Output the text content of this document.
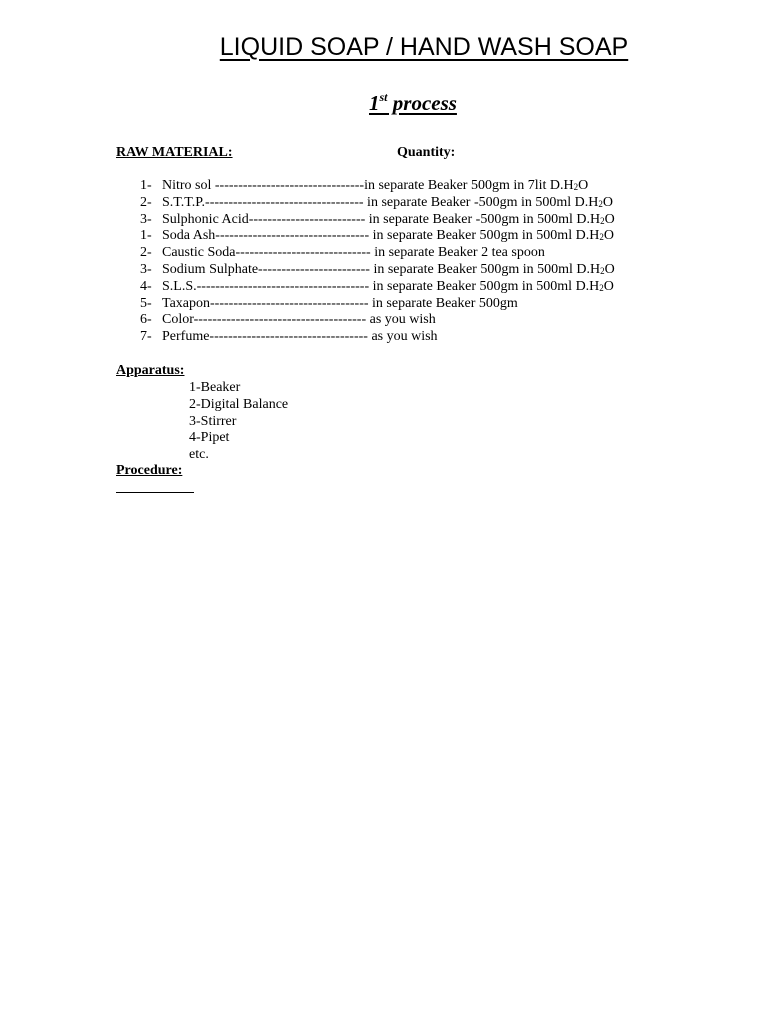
LIQUID SOAP / HAND WASH SOAP
1st process
RAW MATERIAL:	Quantity:
1- Nitro sol --------------------------------in separate Beaker 500gm in 7lit $D.H_2O$
2- S.T.T.P.---------------------------------- in separate Beaker -500gm in 500ml $D.H_2O$
3- Sulphonic Acid------------------------- in separate Beaker -500gm in 500ml $D.H_2O$
1- Soda Ash--------------------------------- in separate Beaker 500gm in 500ml $D.H_2O$
2- Caustic Soda----------------------------- in separate Beaker 2 tea spoon
3- Sodium Sulphate------------------------ in separate Beaker 500gm in 500ml $D.H_2O$
4- S.L.S.------------------------------------- in separate Beaker 500gm in 500ml $D.H_2O$
5- Taxapon---------------------------------- in separate Beaker 500gm
6- Color------------------------------------- as you wish
7- Perfume---------------------------------- as you wish
Apparatus:
1-Beaker
2-Digital Balance
3-Stirrer
4-Pipet
etc.
Procedure:
